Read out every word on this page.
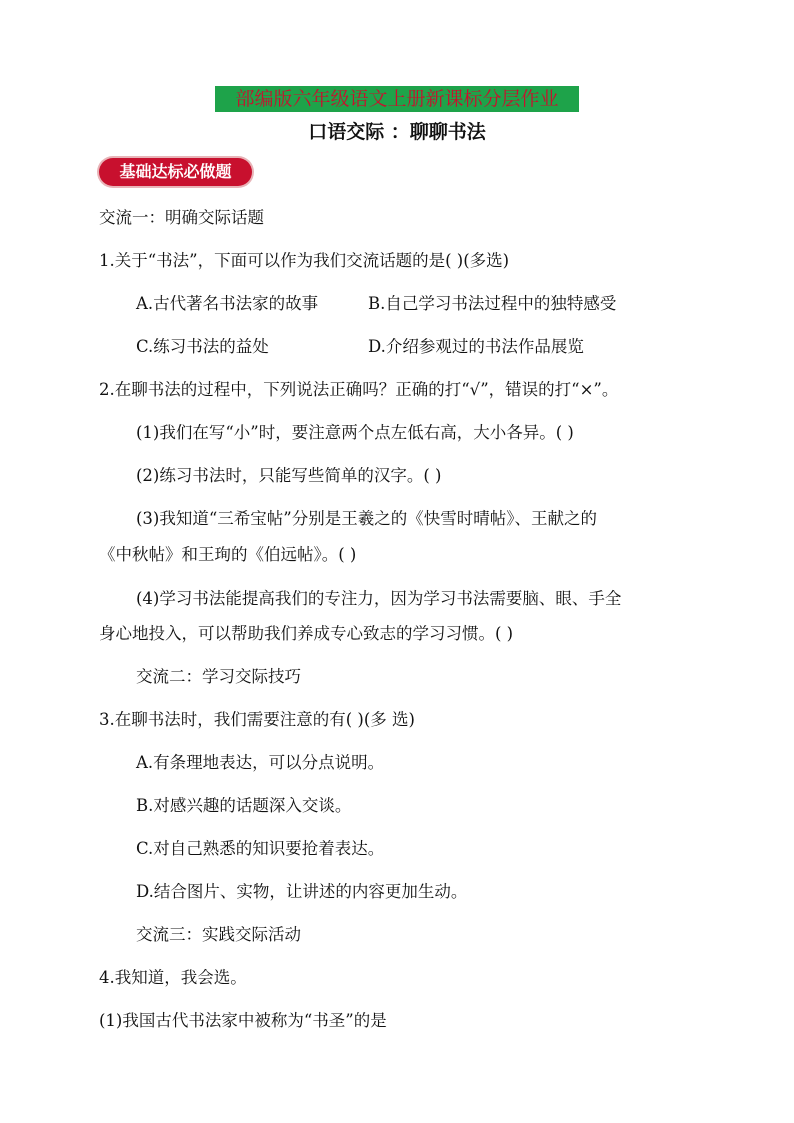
部编版六年级语文上册新课标分层作业
口语交际 ：聊聊书法
基础达标必做题
交流一：明确交际话题
1.关于“书法”，下面可以作为我们交流话题的是( )(多选)
A.古代著名书法家的故事	B.自己学习书法过程中的独特感受
C.练习书法的益处	D.介绍参观过的书法作品展览
2.在聊书法的过程中，下列说法正确吗？正确的打“√”，错误的打“×”。
(1)我们在写“小”时，要注意两个点左低右高，大小各异。( )
(2)练习书法时，只能写些简单的汉字。( )
(3)我知道“三希宝帖”分别是王羲之的《快雪时晴帖》、王献之的
《中秋帖》和王珣的《伯远帖》。( )
(4)学习书法能提高我们的专注力，因为学习书法需要脑、眼、手全
身心地投入，可以帮助我们养成专心致志的学习习惯。( )
交流二：学习交际技巧
3.在聊书法时，我们需要注意的有( )(多 选)
A.有条理地表达，可以分点说明。
B.对感兴趣的话题深入交谈。
C.对自己熟悉的知识要抢着表达。
D.结合图片、实物，让讲述的内容更加生动。
交流三：实践交际活动
4.我知道，我会选。
(1)我国古代书法家中被称为“书圣”的是
